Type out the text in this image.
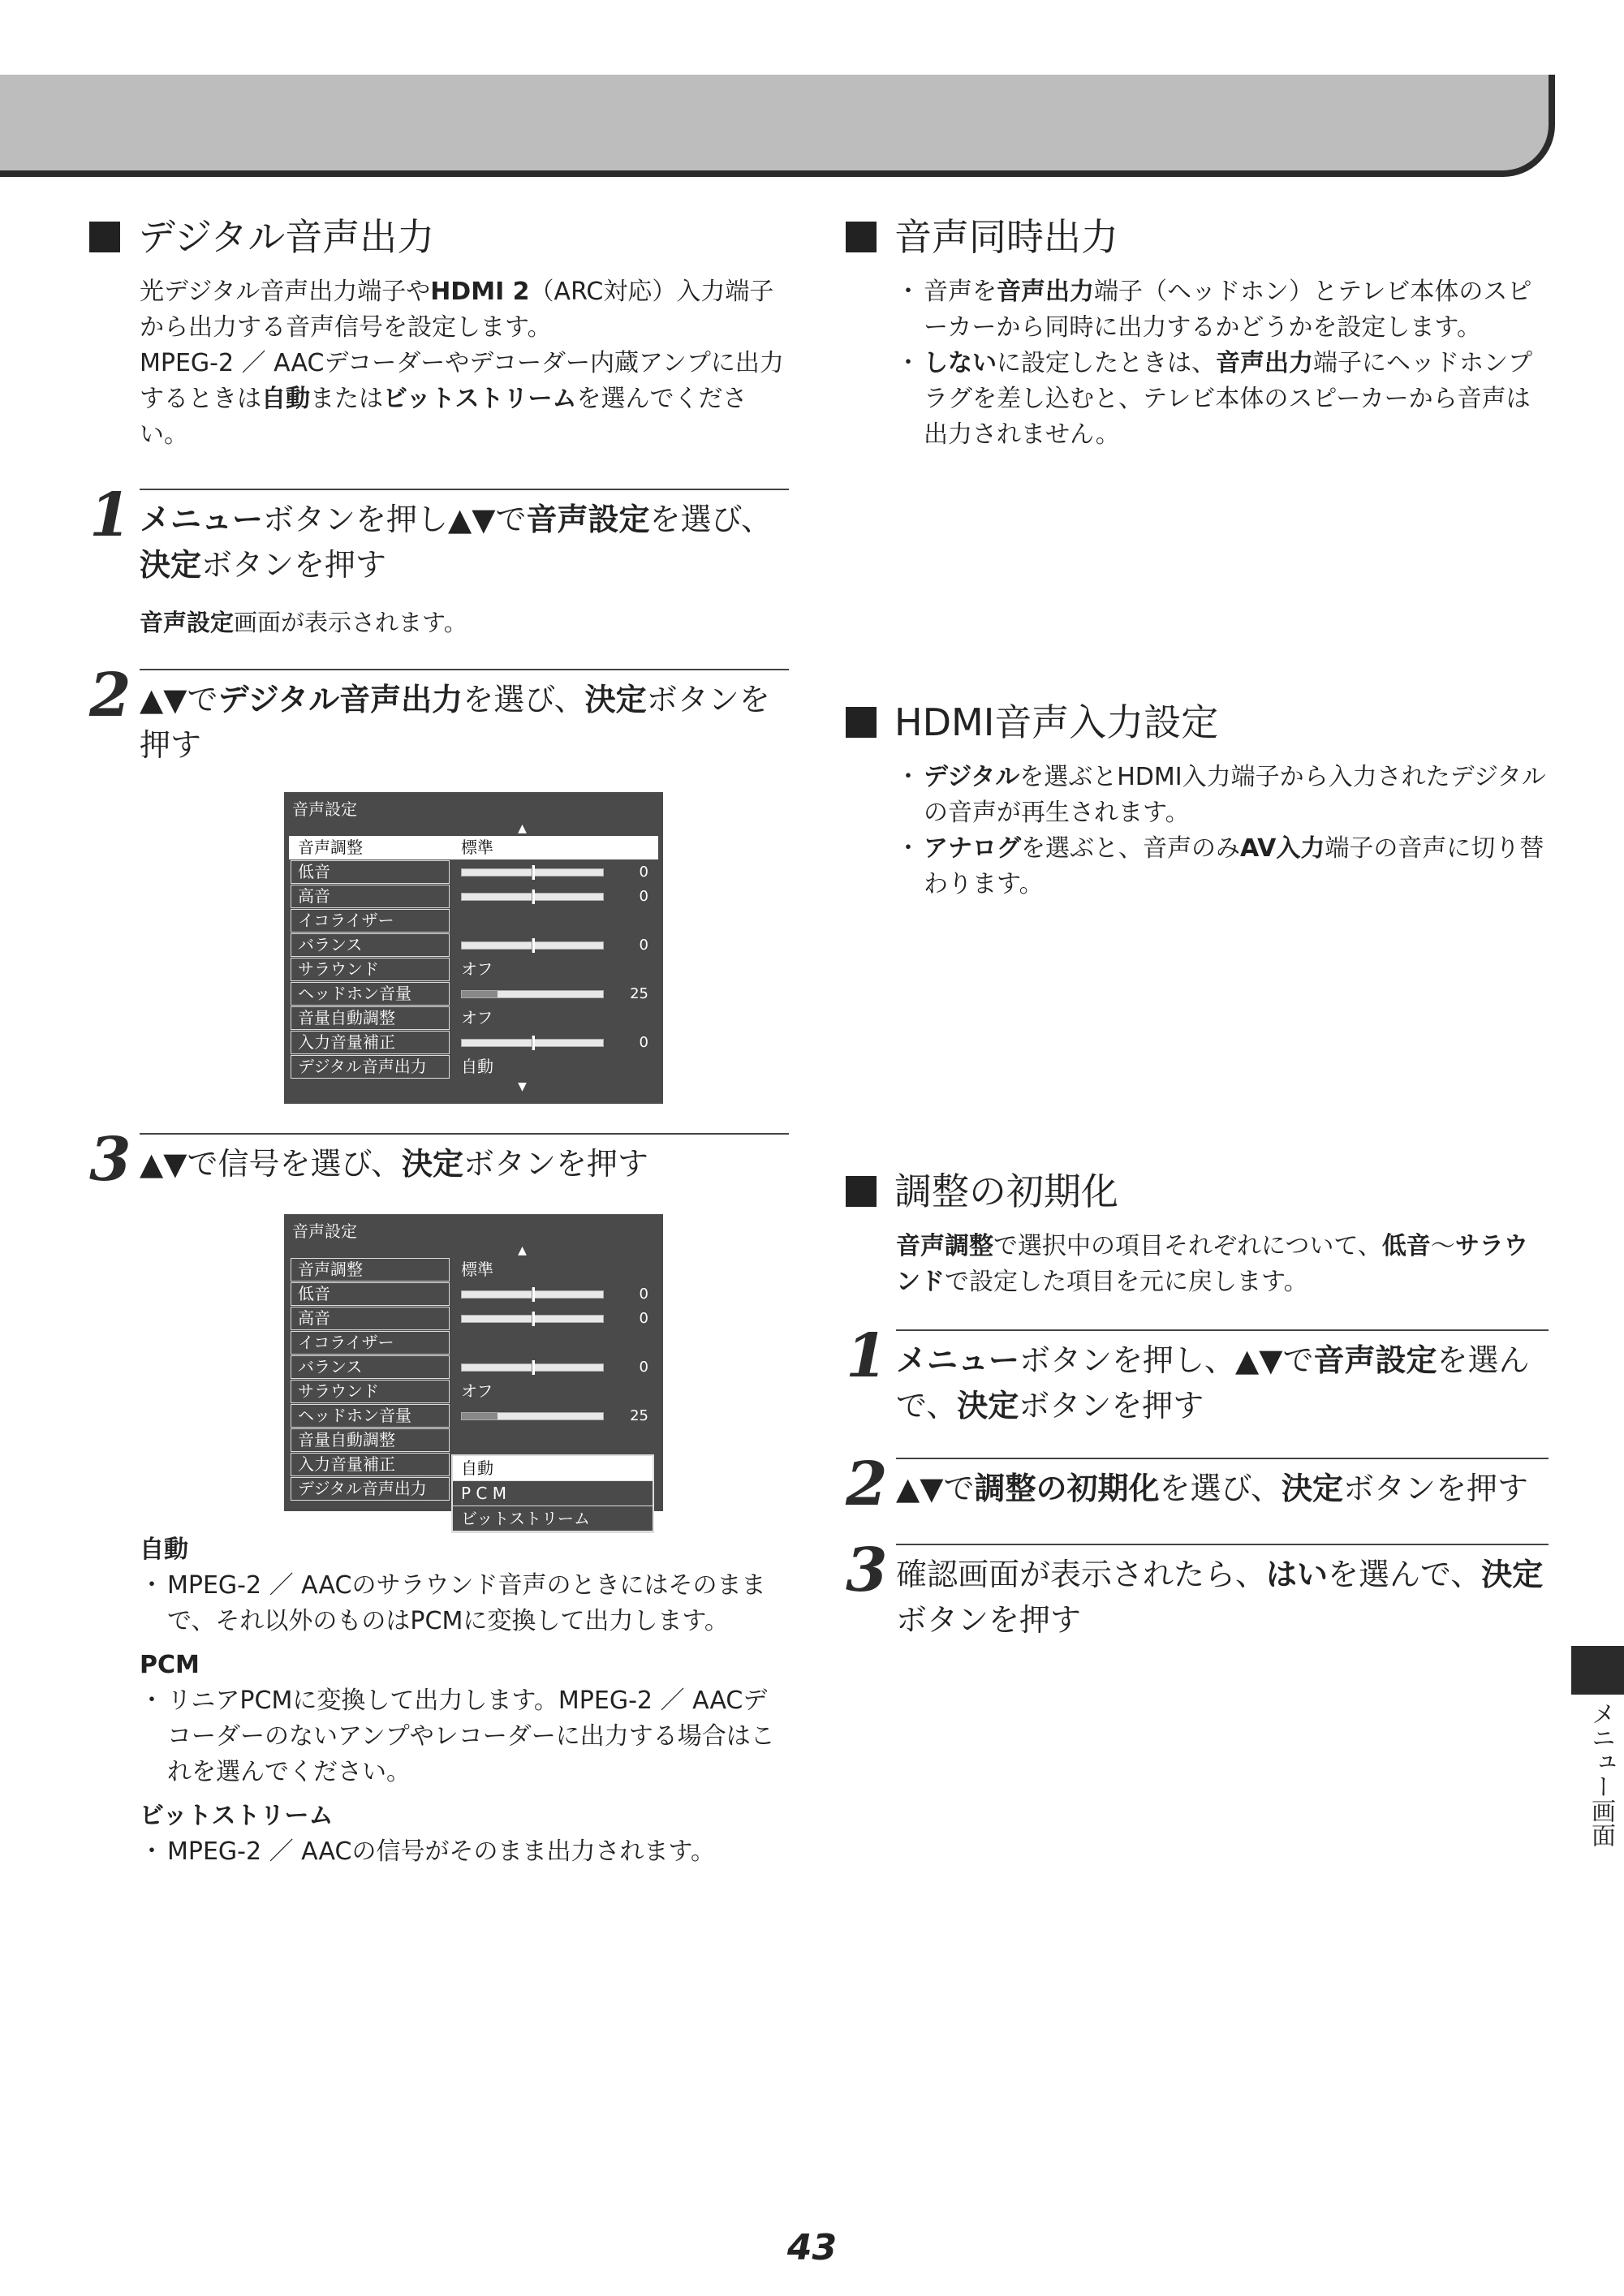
デジタル音声出力
光デジタル音声出力端子やHDMI 2（ARC対応）入力端子から出力する音声信号を設定します。
MPEG-2 ／ AACデコーダーやデコーダー内蔵アンプに出力するときは自動またはビットストリームを選んでください。
1 メニューボタンを押し▲▼で音声設定を選び、決定ボタンを押す
音声設定画面が表示されます。
2 ▲▼でデジタル音声出力を選び、決定ボタンを押す
音声設定
▲
音声調整	標準
低音	0
高音	0
イコライザー
バランス	0
サラウンド	オフ
ヘッドホン音量	25
音量自動調整	オフ
入力音量補正	0
デジタル音声出力	自動
▼
3 ▲▼で信号を選び、決定ボタンを押す
音声設定
▲
音声調整	標準
低音	0
高音	0
イコライザー
バランス	0
サラウンド	オフ
ヘッドホン音量	25
音量自動調整
自動
P C M
ビットストリーム
入力音量補正
デジタル音声出力
自動
・ MPEG-2 ／ AACのサラウンド音声のときにはそのままで、それ以外のものはPCMに変換して出力します。
PCM
・ リニアPCMに変換して出力します。MPEG-2 ／ AACデコーダーのないアンプやレコーダーに出力する場合はこれを選んでください。
ビットストリーム
・ MPEG-2 ／ AACの信号がそのまま出力されます。
音声同時出力
・ 音声を音声出力端子（ヘッドホン）とテレビ本体のスピーカーから同時に出力するかどうかを設定します。
・ しないに設定したときは、音声出力端子にヘッドホンプラグを差し込むと、テレビ本体のスピーカーから音声は出力されません。
HDMI音声入力設定
・ デジタルを選ぶとHDMI入力端子から入力されたデジタルの音声が再生されます。
・ アナログを選ぶと、音声のみAV入力端子の音声に切り替わります。
調整の初期化
音声調整で選択中の項目それぞれについて、低音～サラウンドで設定した項目を元に戻します。
1 メニューボタンを押し、▲▼で音声設定を選んで、決定ボタンを押す
2 ▲▼で調整の初期化を選び、決定ボタンを押す
3 確認画面が表示されたら、はいを選んで、決定ボタンを押す
メニュー画面
43
